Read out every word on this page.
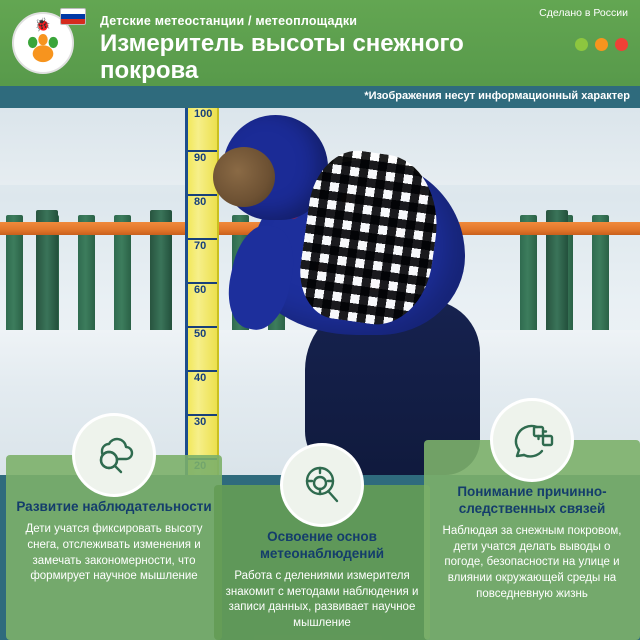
🐞	Детские метеостанции / метеоплощадки
Измеритель высоты снежного покрова
Сделано в России
*Изображения несут информационный характер
100
90
80
70
60
50
40
30
Развитие наблюдательности

Дети учатся фиксировать высоту снега, отслеживать изменения и замечать закономерности, что формирует научное мышление

Освоение основ метеонаблюдений

Работа с делениями измерителя знакомит с методами наблюдения и записи данных, развивает научное мышление

Понимание причинно-следственных связей

Наблюдая за снежным покровом, дети учатся делать выводы о погоде, безопасности на улице и влиянии окружающей среды на повседневную жизнь
